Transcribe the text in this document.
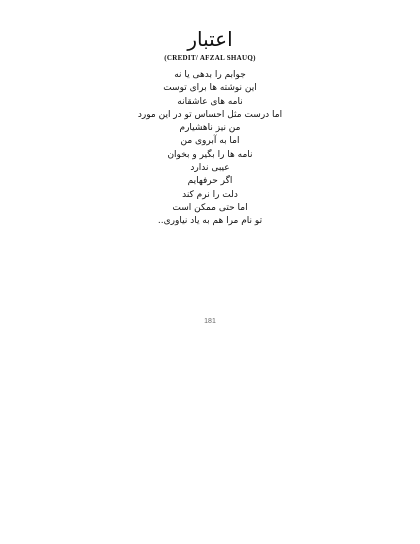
اعتبار
(CREDIT/ AFZAL SHAUQ)
جوابم را بدهی یا نه
این نوشته ها برای توست
نامه های عاشقانه
اما درست مثل احساس تو در این مورد
من نیز ناهشیارم
اما به آبروی من
نامه ها را بگیر و بخوان
عیبی ندارد
اگر حرفهایم
دلت را نرم کند
اما حتی ممکن است
تو نام مرا هم به یاد نیاوری..
181
